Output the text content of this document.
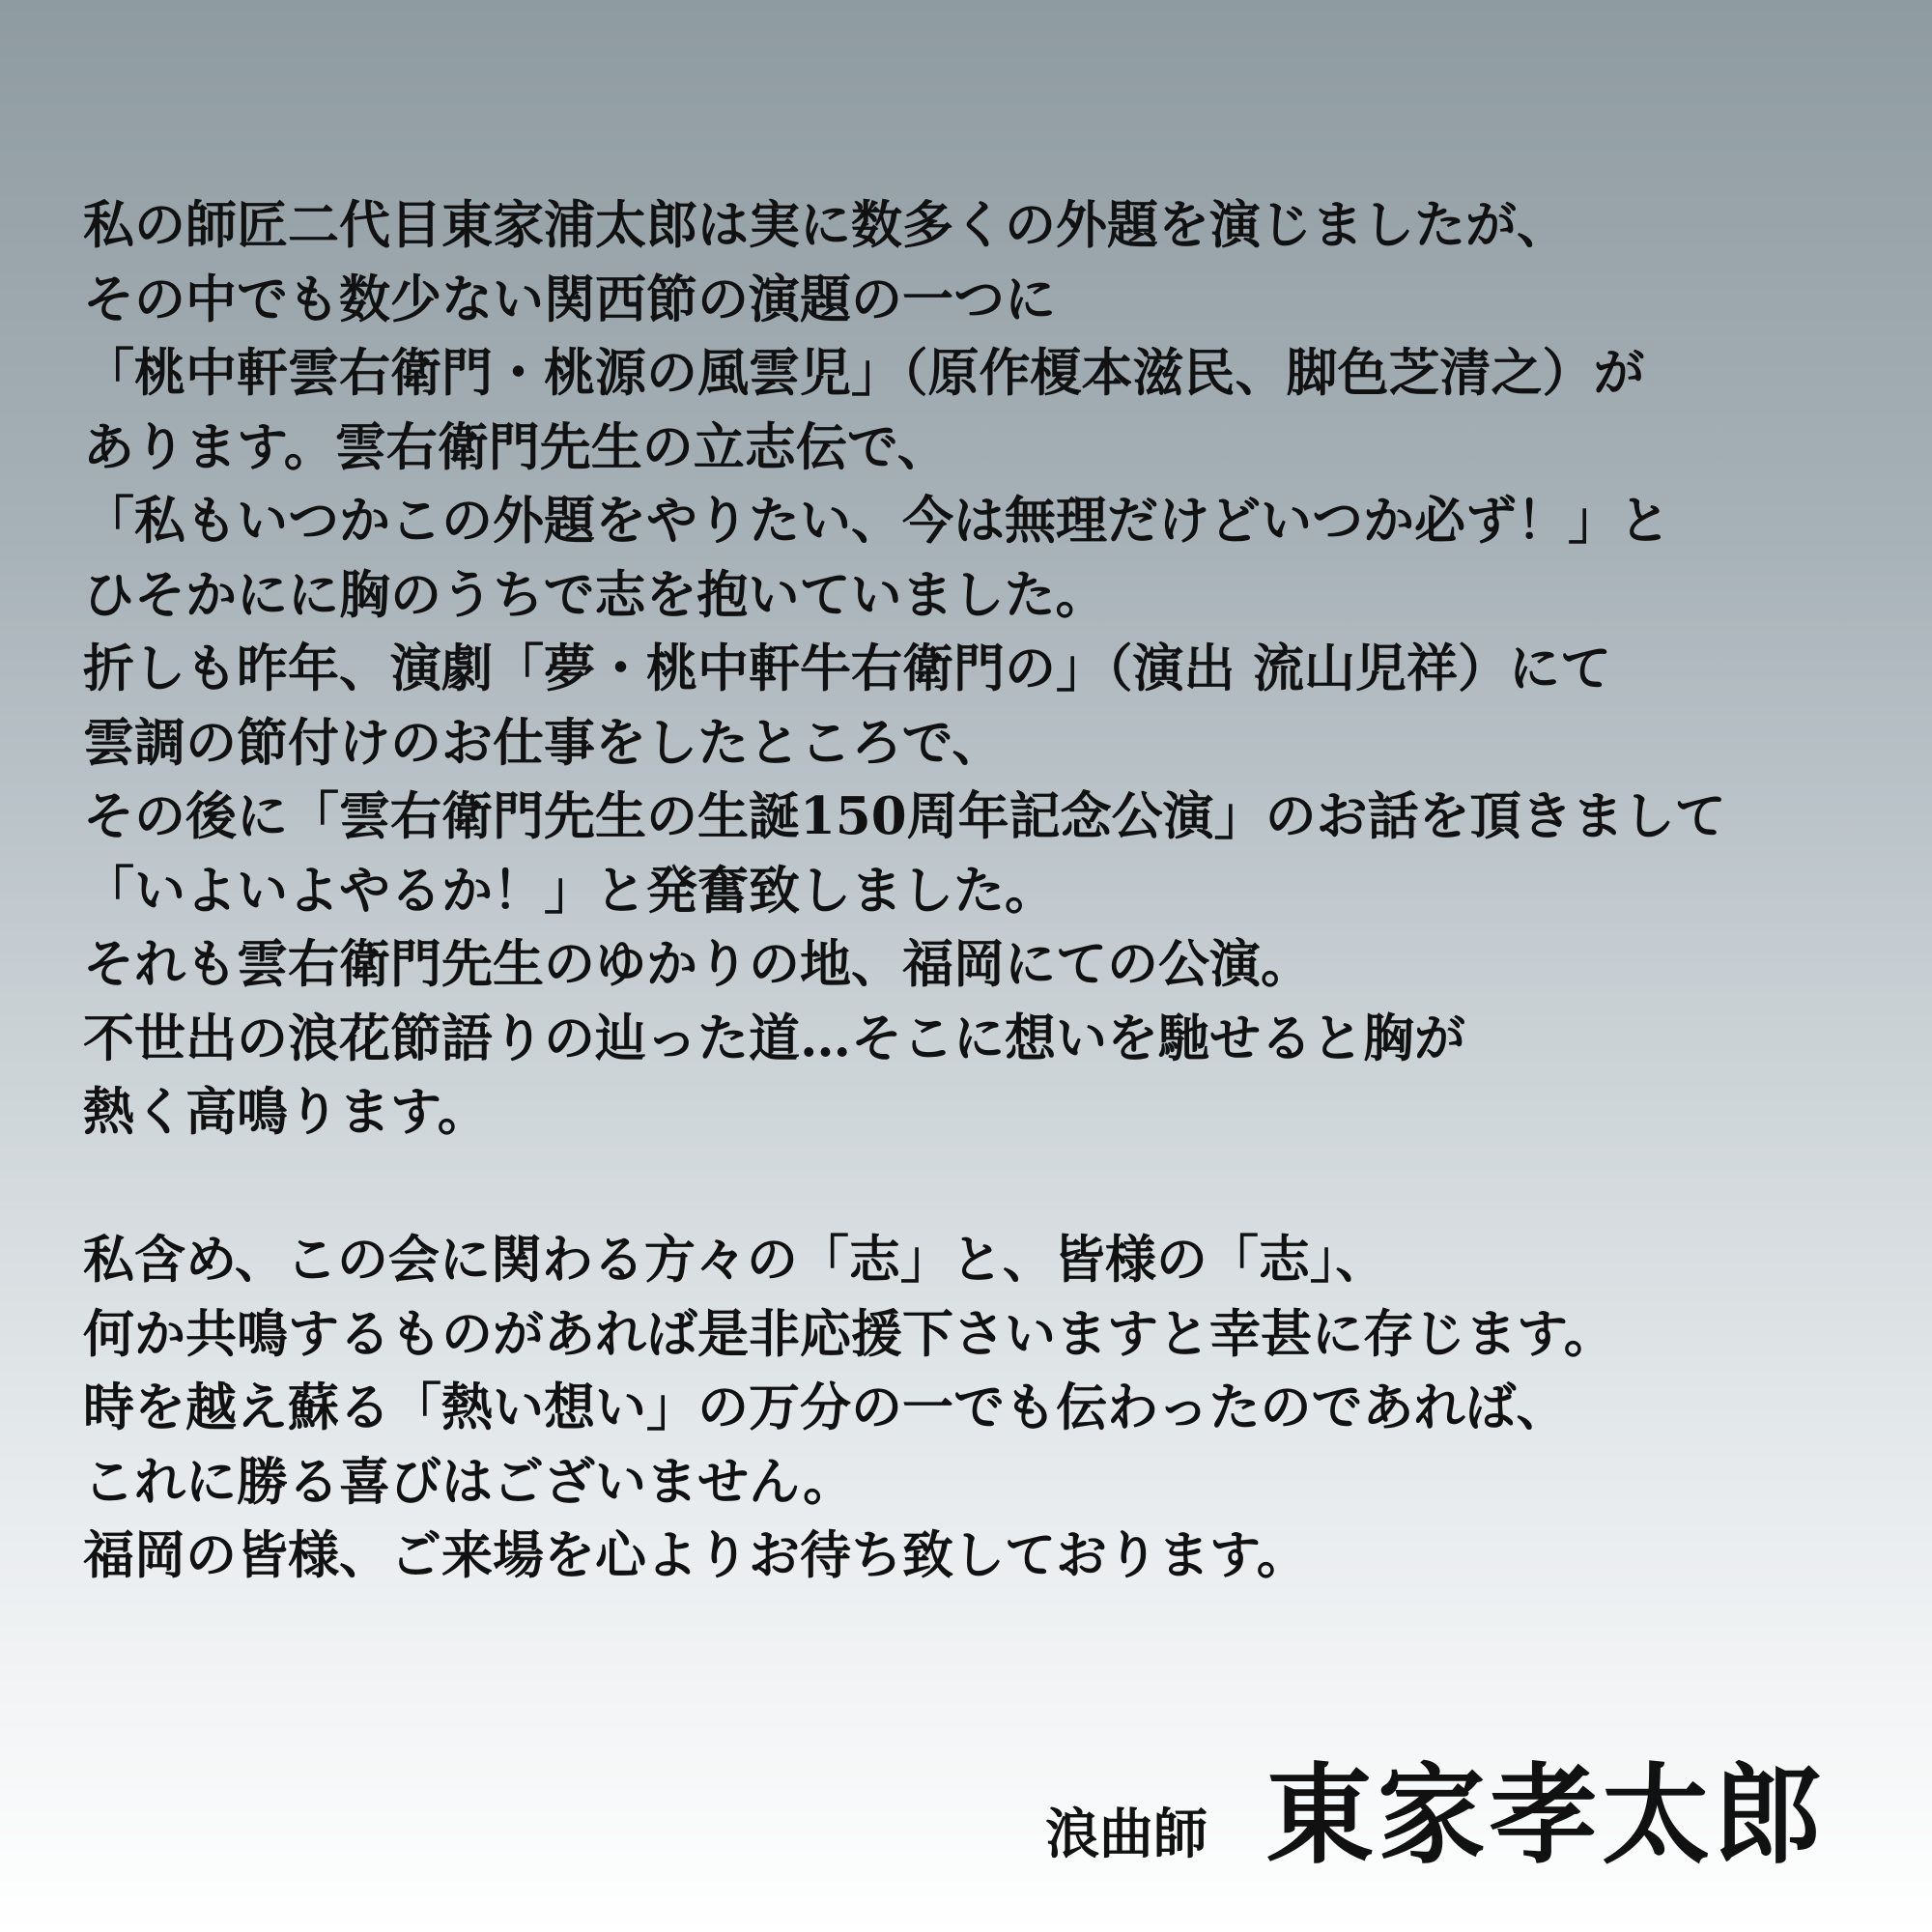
私の師匠二代目東家浦太郎は実に数多くの外題を演じましたが、
その中でも数少ない関西節の演題の一つに
「桃中軒雲右衛門・桃源の風雲児」（原作榎本滋民、脚色芝清之）が
あります。雲右衛門先生の立志伝で、
「私もいつかこの外題をやりたい、今は無理だけどいつか必ず！」と
ひそかにに胸のうちで志を抱いていました。
折しも昨年、演劇「夢・桃中軒牛右衛門の」（演出 流山児祥）にて
雲調の節付けのお仕事をしたところで、
その後に「雲右衛門先生の生誕150周年記念公演」のお話を頂きまして
「いよいよやるか！」と発奮致しました。
それも雲右衛門先生のゆかりの地、福岡にての公演。
不世出の浪花節語りの辿った道…そこに想いを馳せると胸が
熱く高鳴ります。
私含め、この会に関わる方々の「志」と、皆様の「志」、
何か共鳴するものがあれば是非応援下さいますと幸甚に存じます。
時を越え蘇る「熱い想い」の万分の一でも伝わったのであれば、
これに勝る喜びはございません。
福岡の皆様、ご来場を心よりお待ち致しております。
浪曲師 東家孝太郎
